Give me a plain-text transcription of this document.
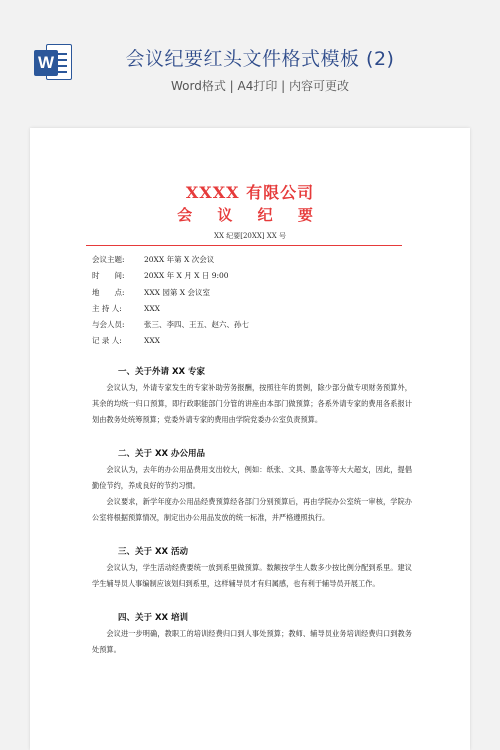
W	会议纪要红头文件格式模板 (2)
Word格式 | A4打印 | 内容可更改
XXXX 有限公司
会 议 纪 要
XX 纪要[20XX] XX 号
会议主题:	20XX 年第 X 次会议
时　　间:	20XX 年 X 月 X 日 9:00
地　　点:	XXX 园第 X 会议室
主 持 人:	XXX
与会人员:	张三、李四、王五、赵六、孙七
记 录 人:	XXX
一、关于外请 XX 专家

会议认为，外请专家发生的专家补助劳务报酬，按照往年的贯例，除少部分做专项财务预算外，其余的均统一归口预算，即行政职能部门分管的讲座由本部门做预算；各系外请专家的费用各系报计划由教务处统筹预算；党委外请专家的费用由学院党委办公室负责预算。

二、关于 XX 办公用品

会议认为，去年的办公用品费用支出较大，例如：纸张、文具、墨盒等等大大超支，因此，提倡勤俭节约，养成良好的节约习惯。

会议要求，新学年度办公用品经费预算经各部门分别预算后，再由学院办公室统一审核，学院办公室将根据预算情况，制定出办公用品发放的统一标准，并严格遵照执行。

三、关于 XX 活动

会议认为，学生活动经费要统一放到系里做预算。数额按学生人数多少按比例分配到系里。建议学生辅导员人事编制应该划归到系里，这样辅导员才有归属感，也有利于辅导员开展工作。

四、关于 XX 培训

会议进一步明确，教职工的培训经费归口到人事处预算；教师、辅导员业务培训经费归口到教务处预算。
